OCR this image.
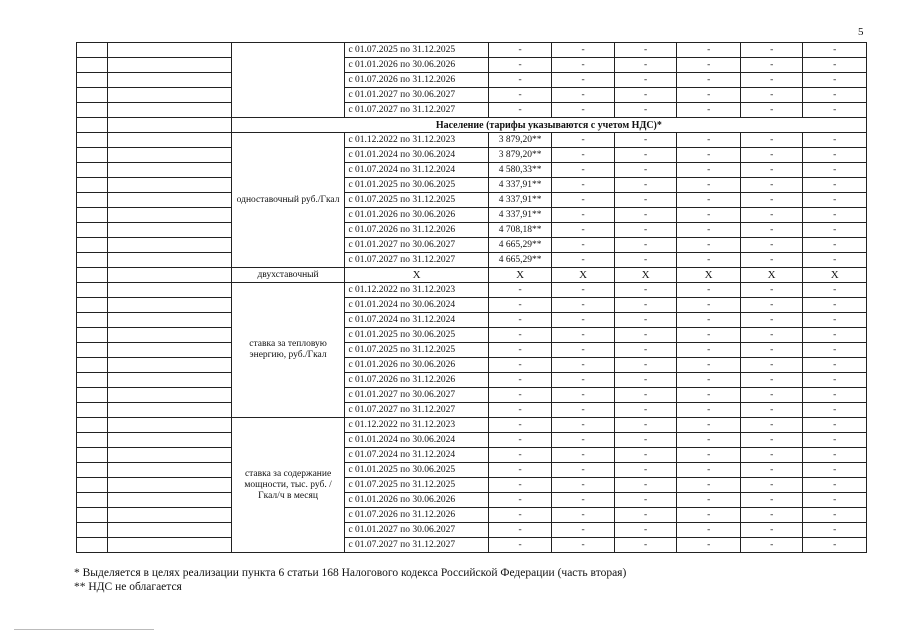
5
			с 01.07.2025 по 31.12.2025	-	-	-	-	-	-
			с 01.01.2026 по 30.06.2026	-	-	-	-	-	-
			с 01.07.2026 по 31.12.2026	-	-	-	-	-	-
			с 01.01.2027 по 30.06.2027	-	-	-	-	-	-
			с 01.07.2027 по 31.12.2027	-	-	-	-	-	-
		Население (тарифы указываются с учетом НДС)*							
		одноставочный руб./Гкал	с 01.12.2022 по 31.12.2023	3 879,20**	-	-	-	-	-
			с 01.01.2024 по 30.06.2024	3 879,20**	-	-	-	-	-
			с 01.07.2024 по 31.12.2024	4 580,33**	-	-	-	-	-
			с 01.01.2025 по 30.06.2025	4 337,91**	-	-	-	-	-
			с 01.07.2025 по 31.12.2025	4 337,91**	-	-	-	-	-
			с 01.01.2026 по 30.06.2026	4 337,91**	-	-	-	-	-
			с 01.07.2026 по 31.12.2026	4 708,18**	-	-	-	-	-
			с 01.01.2027 по 30.06.2027	4 665,29**	-	-	-	-	-
			с 01.07.2027 по 31.12.2027	4 665,29**	-	-	-	-	-
		двухставочный	X	X	X	X	X	X	X
		ставка за тепловую энергию, руб./Гкал	с 01.12.2022 по 31.12.2023	-	-	-	-	-	-
			с 01.01.2024 по 30.06.2024	-	-	-	-	-	-
			с 01.07.2024 по 31.12.2024	-	-	-	-	-	-
			с 01.01.2025 по 30.06.2025	-	-	-	-	-	-
			с 01.07.2025 по 31.12.2025	-	-	-	-	-	-
			с 01.01.2026 по 30.06.2026	-	-	-	-	-	-
			с 01.07.2026 по 31.12.2026	-	-	-	-	-	-
			с 01.01.2027 по 30.06.2027	-	-	-	-	-	-
			с 01.07.2027 по 31.12.2027	-	-	-	-	-	-
		ставка за содержание мощности, тыс. руб. /Гкал/ч в месяц	с 01.12.2022 по 31.12.2023	-	-	-	-	-	-
			с 01.01.2024 по 30.06.2024	-	-	-	-	-	-
			с 01.07.2024 по 31.12.2024	-	-	-	-	-	-
			с 01.01.2025 по 30.06.2025	-	-	-	-	-	-
			с 01.07.2025 по 31.12.2025	-	-	-	-	-	-
			с 01.01.2026 по 30.06.2026	-	-	-	-	-	-
			с 01.07.2026 по 31.12.2026	-	-	-	-	-	-
			с 01.01.2027 по 30.06.2027	-	-	-	-	-	-
			с 01.07.2027 по 31.12.2027	-	-	-	-	-	-
* Выделяется в целях реализации пункта 6 статьи 168 Налогового кодекса Российской Федерации (часть вторая)
** НДС не облагается
